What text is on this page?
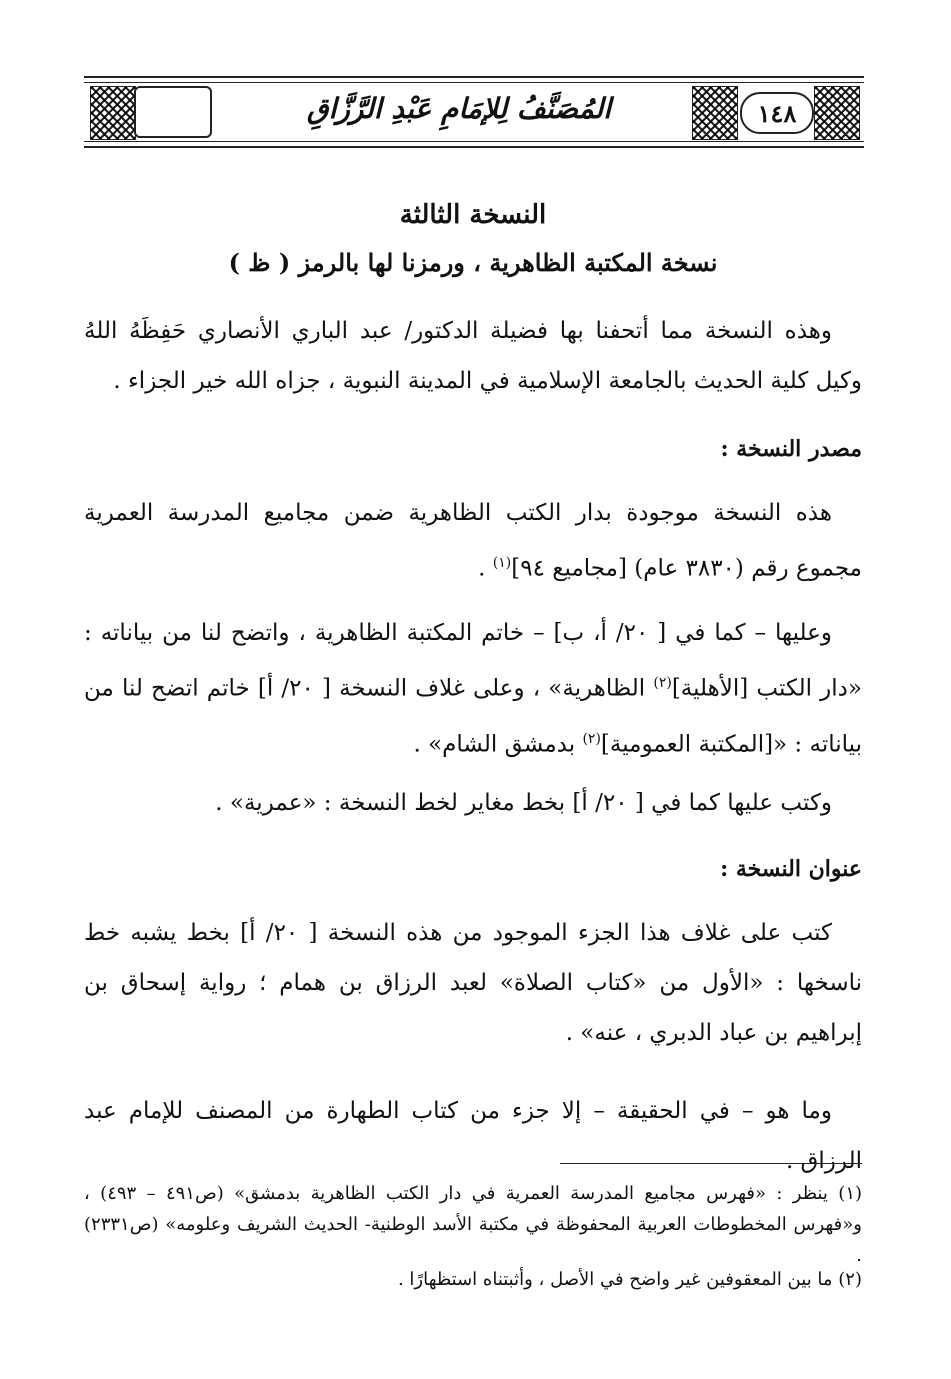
المُصَنَّفُ لِلإمَامِ عَبْدِ الرَّزَّاقِ	١٤٨
النسخة الثالثة
نسخة المكتبة الظاهرية ، ورمزنا لها بالرمز ( ظ )
وهذه النسخة مما أتحفنا بها فضيلة الدكتور/ عبد الباري الأنصاري حَفِظَهُ اللهُ وكيل كلية الحديث بالجامعة الإسلامية في المدينة النبوية ، جزاه الله خير الجزاء .
مصدر النسخة :
هذه النسخة موجودة بدار الكتب الظاهرية ضمن مجاميع المدرسة العمرية مجموع رقم (٣٨٣٠ عام) [مجاميع ٩٤]$^{(١)}$ .
وعليها – كما في [ ٢٠/ أ، ب] – خاتم المكتبة الظاهرية ، واتضح لنا من بياناته : «دار الكتب [الأهلية]$^{(٢)}$ الظاهرية» ، وعلى غلاف النسخة [ ٢٠/ أ] خاتم اتضح لنا من بياناته : «[المكتبة العمومية]$^{(٢)}$ بدمشق الشام» .
وكتب عليها كما في [ ٢٠/ أ] بخط مغاير لخط النسخة : «عمرية» .
عنوان النسخة :
كتب على غلاف هذا الجزء الموجود من هذه النسخة [ ٢٠/ أ] بخط يشبه خط ناسخها : «الأول من «كتاب الصلاة» لعبد الرزاق بن همام ؛ رواية إسحاق بن إبراهيم بن عباد الدبري ، عنه» .
وما هو – في الحقيقة – إلا جزء من كتاب الطهارة من المصنف للإمام عبد الرزاق .
(١) ينظر : «فهرس مجاميع المدرسة العمرية في دار الكتب الظاهرية بدمشق» (ص٤٩١ – ٤٩٣) ، و«فهرس المخطوطات العربية المحفوظة في مكتبة الأسد الوطنية- الحديث الشريف وعلومه» (ص٢٣٣١) .
(٢) ما بين المعقوفين غير واضح في الأصل ، وأثبتناه استظهارًا .
